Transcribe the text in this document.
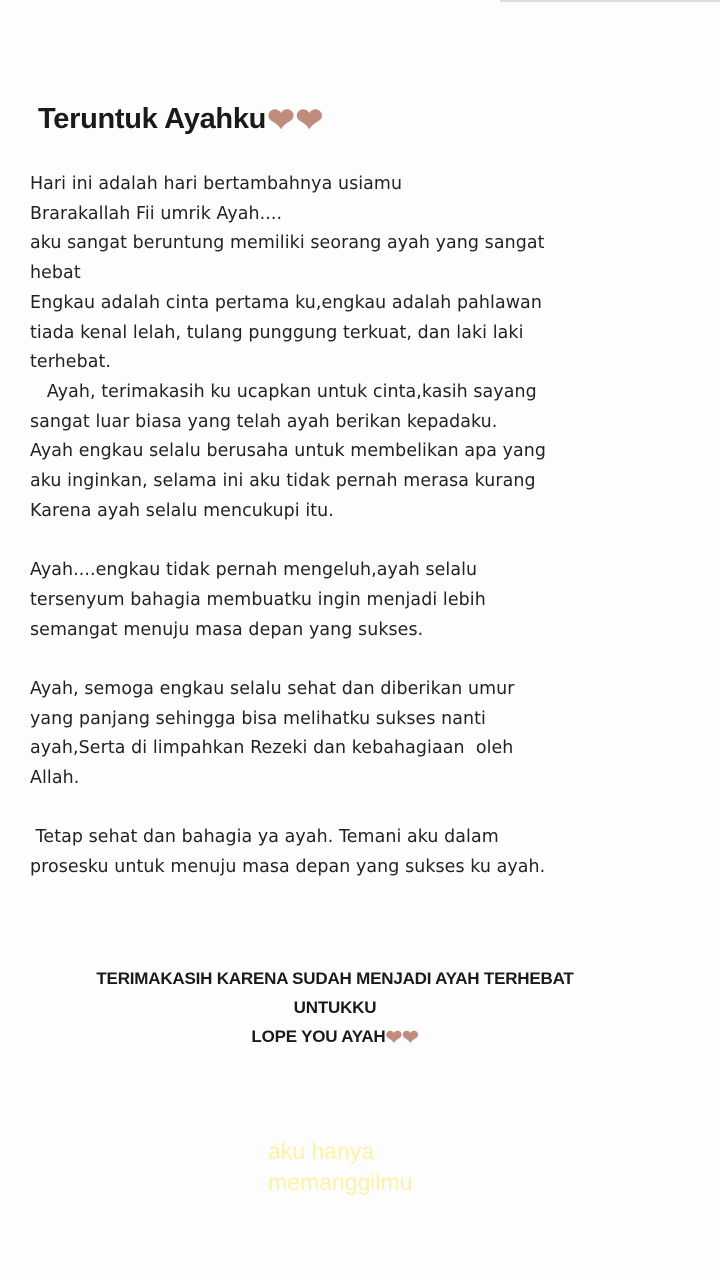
Teruntuk Ayahku❤❤
Hari ini adalah hari bertambahnya usiamu
Brarakallah Fii umrik Ayah....
aku sangat beruntung memiliki seorang ayah yang sangat
hebat
Engkau adalah cinta pertama ku,engkau adalah pahlawan
tiada kenal lelah, tulang punggung terkuat, dan laki laki
terhebat.
Ayah, terimakasih ku ucapkan untuk cinta,kasih sayang
sangat luar biasa yang telah ayah berikan kepadaku.
Ayah engkau selalu berusaha untuk membelikan apa yang
aku inginkan, selama ini aku tidak pernah merasa kurang
Karena ayah selalu mencukupi itu.
Ayah....engkau tidak pernah mengeluh,ayah selalu
tersenyum bahagia membuatku ingin menjadi lebih
semangat menuju masa depan yang sukses.
Ayah, semoga engkau selalu sehat dan diberikan umur
yang panjang sehingga bisa melihatku sukses nanti
ayah,Serta di limpahkan Rezeki dan kebahagiaan  oleh
Allah.
Tetap sehat dan bahagia ya ayah. Temani aku dalam
prosesku untuk menuju masa depan yang sukses ku ayah.
TERIMAKASIH KARENA SUDAH MENJADI AYAH TERHEBAT
UNTUKKU
LOPE YOU AYAH❤❤
aku hanya
memanggilmu
